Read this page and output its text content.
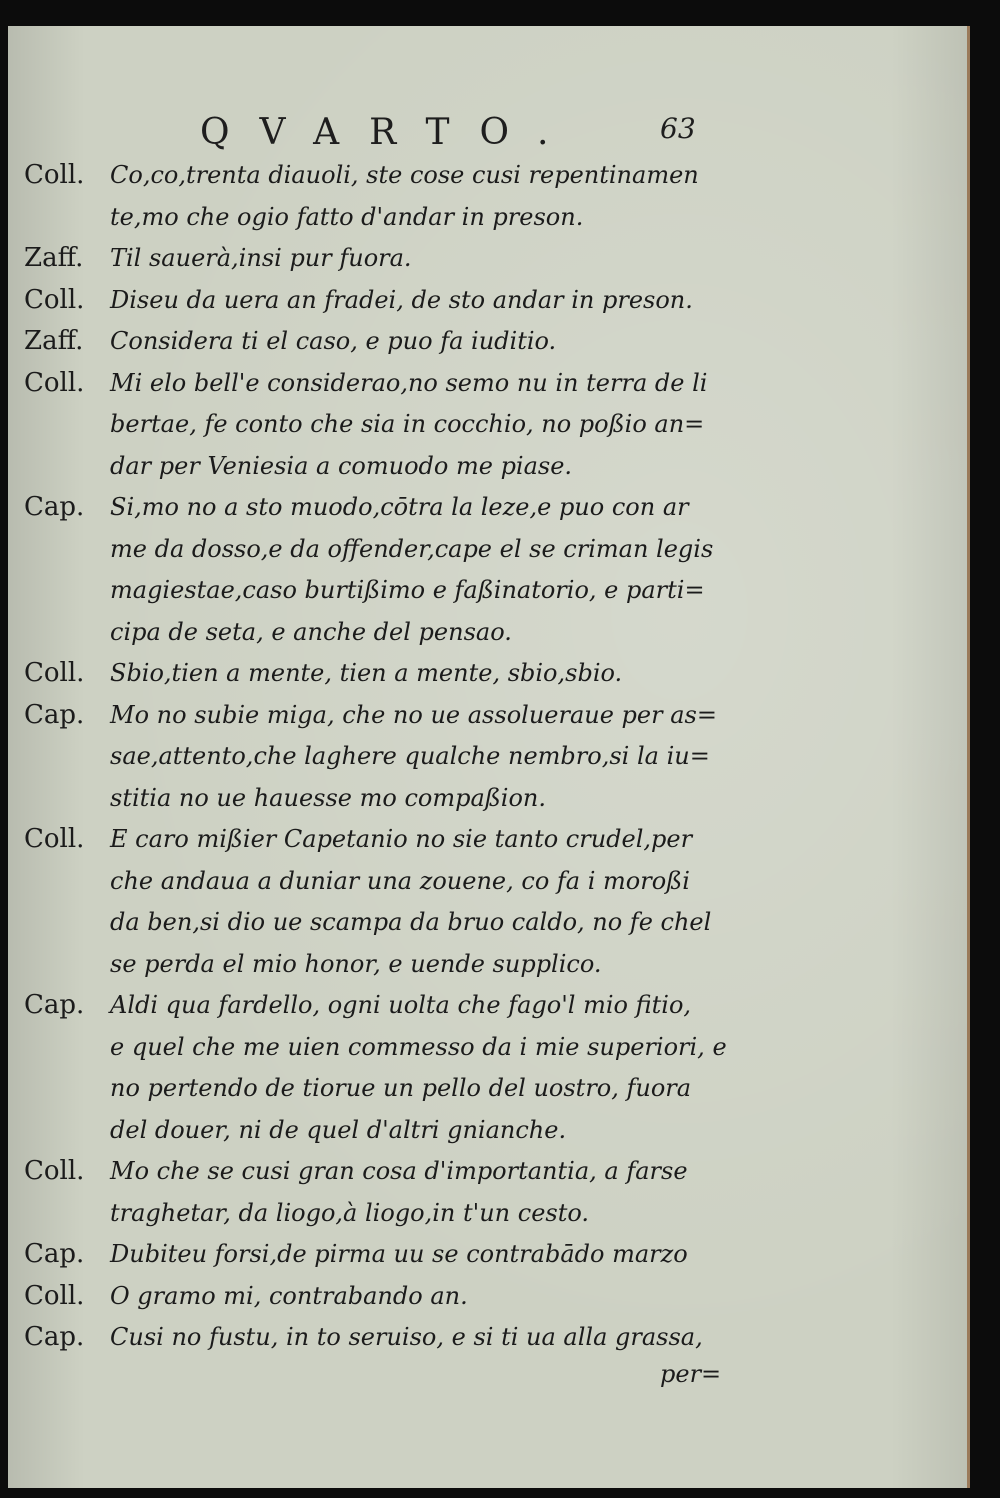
QVARTO.	63
Coll.	Co,co,trenta diauoli, ste cose cusi repentinamen
te,mo che ogio fatto d'andar in preson.
Zaff.	Til sauerà,insi pur fuora.
Coll.	Diseu da uera an fradei, de sto andar in preson.
Zaff.	Considera ti el caso, e puo fa iuditio.
Coll.	Mi elo bell'e considerao,no semo nu in terra de li
bertae, fe conto che sia in cocchio, no poßio an=
dar per Veniesia a comuodo me piase.
Cap.	Si,mo no a sto muodo,cōtra la leze,e puo con ar
me da dosso,e da offender,cape el se criman legis
magiestae,caso burtißimo e faßinatorio, e parti=
cipa de seta, e anche del pensao.
Coll.	Sbio,tien a mente, tien a mente, sbio,sbio.
Cap.	Mo no subie miga, che no ue assolueraue per as=
sae,attento,che laghere qualche nembro,si la iu=
stitia no ue hauesse mo compaßion.
Coll.	E caro mißier Capetanio no sie tanto crudel,per
che andaua a duniar una zouene, co fa i moroßi
da ben,si dio ue scampa da bruo caldo, no fe chel
se perda el mio honor, e uende supplico.
Cap.	Aldi qua fardello, ogni uolta che fago'l mio fitio,
e quel che me uien commesso da i mie superiori, e
no pertendo de tiorue un pello del uostro, fuora
del douer, ni de quel d'altri gnianche.
Coll.	Mo che se cusi gran cosa d'importantia, a farse
traghetar, da liogo,à liogo,in t'un cesto.
Cap.	Dubiteu forsi,de pirma uu se contrabādo marzo
Coll.	O gramo mi, contrabando an.
Cap.	Cusi no fustu, in to seruiso, e si ti ua alla grassa,
per=
